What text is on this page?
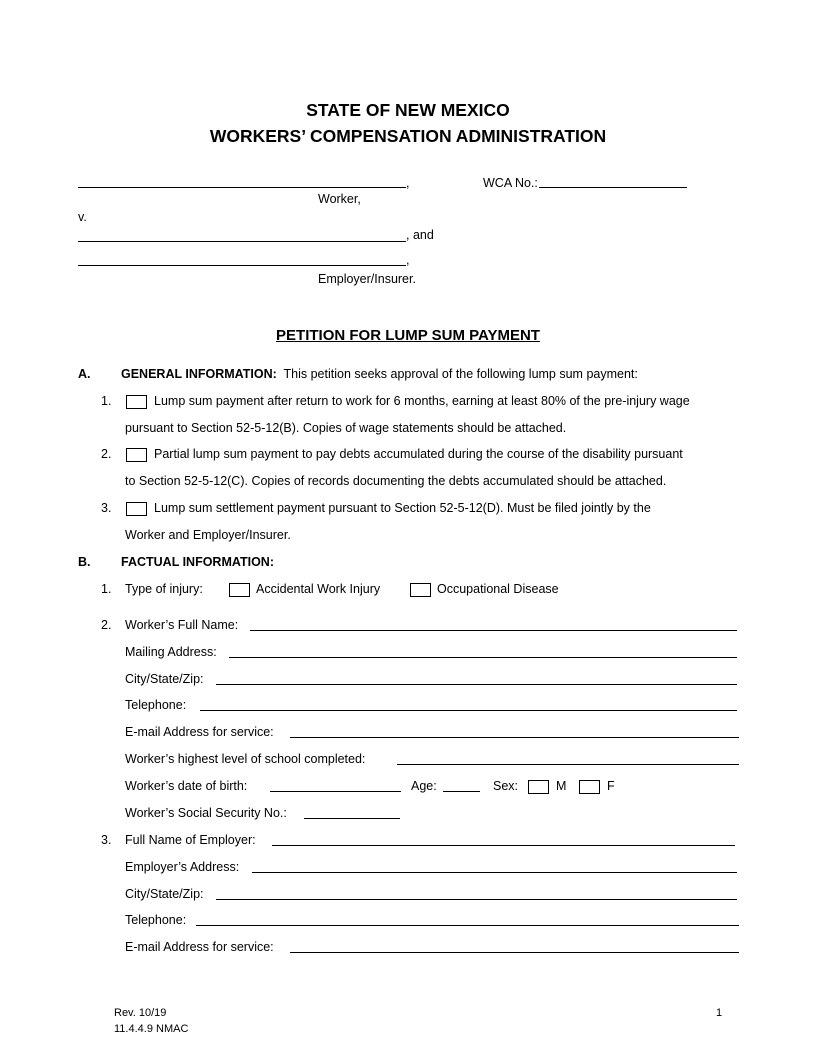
STATE OF NEW MEXICO
WORKERS’ COMPENSATION ADMINISTRATION
,	WCA No.:
Worker,
v.
, and
,
Employer/Insurer.
PETITION FOR LUMP SUM PAYMENT
A. GENERAL INFORMATION: This petition seeks approval of the following lump sum payment:
1.	Lump sum payment after return to work for 6 months, earning at least 80% of the pre-injury wage
pursuant to Section 52-5-12(B). Copies of wage statements should be attached.
2.	Partial lump sum payment to pay debts accumulated during the course of the disability pursuant
to Section 52-5-12(C). Copies of records documenting the debts accumulated should be attached.
3.	Lump sum settlement payment pursuant to Section 52-5-12(D). Must be filed jointly by the
Worker and Employer/Insurer.
B. FACTUAL INFORMATION:
1. Type of injury:	Accidental Work Injury	Occupational Disease
2. Worker’s Full Name:
Mailing Address:
City/State/Zip:
Telephone:
E-mail Address for service:
Worker’s highest level of school completed:
Worker’s date of birth:	Age:	Sex:	M	F
Worker’s Social Security No.:
3. Full Name of Employer:
Employer’s Address:
City/State/Zip:
Telephone:
E-mail Address for service:
Rev. 10/19
11.4.4.9 NMAC
1
